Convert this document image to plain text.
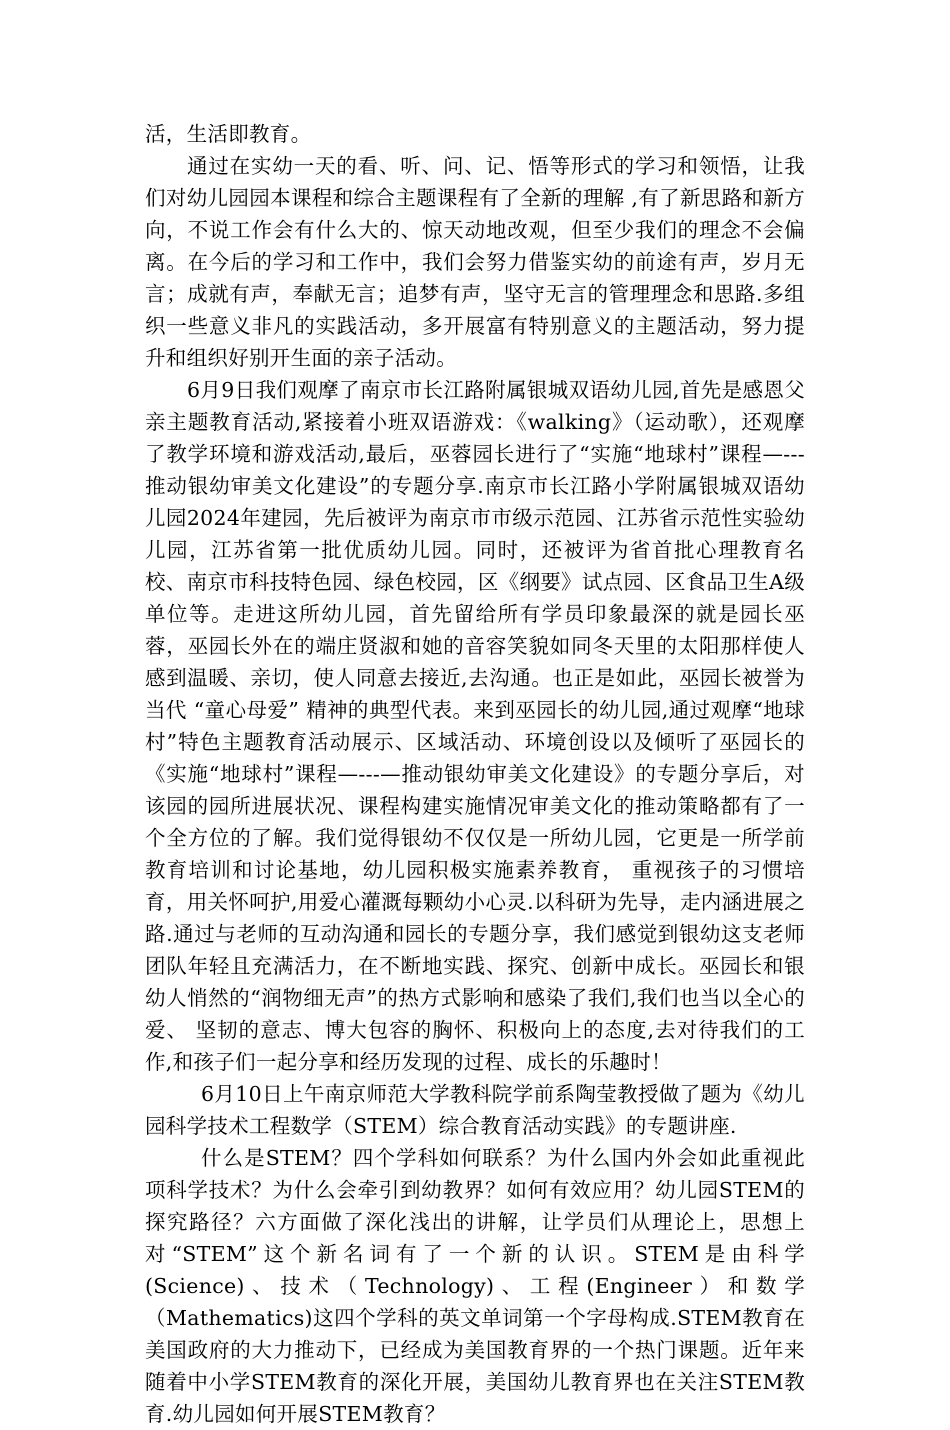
活，生活即教育。

通过在实幼一天的看、听、问、记、悟等形式的学习和领悟，让我们对幼儿园园本课程和综合主题课程有了全新的理解 ,有了新思路和新方向，不说工作会有什么大的、惊天动地改观，但至少我们的理念不会偏离。在今后的学习和工作中，我们会努力借鉴实幼的前途有声，岁月无言；成就有声，奉献无言；追梦有声，坚守无言的管理理念和思路.多组织一些意义非凡的实践活动，多开展富有特别意义的主题活动，努力提升和组织好别开生面的亲子活动。

6月9日我们观摩了南京市长江路附属银城双语幼儿园,首先是感恩父亲主题教育活动,紧接着小班双语游戏：《walking》（运动歌），还观摩了教学环境和游戏活动,最后，巫蓉园长进行了“实施“地球村”课程—---推动银幼审美文化建设”的专题分享.南京市长江路小学附属银城双语幼儿园2024年建园，先后被评为南京市市级示范园、江苏省示范性实验幼儿园，江苏省第一批优质幼儿园。同时，还被评为省首批心理教育名校、南京市科技特色园、绿色校园，区《纲要》试点园、区食品卫生A级单位等。走进这所幼儿园，首先留给所有学员印象最深的就是园长巫蓉，巫园长外在的端庄贤淑和她的音容笑貌如同冬天里的太阳那样使人感到温暖、亲切，使人同意去接近,去沟通。也正是如此，巫园长被誉为当代 “童心母爱” 精神的典型代表。来到巫园长的幼儿园,通过观摩“地球村”特色主题教育活动展示、区域活动、环境创设以及倾听了巫园长的《实施“地球村”课程—---—推动银幼审美文化建设》的专题分享后，对该园的园所进展状况、课程构建实施情况审美文化的推动策略都有了一个全方位的了解。我们觉得银幼不仅仅是一所幼儿园，它更是一所学前教育培训和讨论基地，幼儿园积极实施素养教育， 重视孩子的习惯培育，用关怀呵护,用爱心灌溉每颗幼小心灵.以科研为先导，走内涵进展之路.通过与老师的互动沟通和园长的专题分享，我们感觉到银幼这支老师团队年轻且充满活力，在不断地实践、探究、创新中成长。巫园长和银幼人悄然的“润物细无声”的热方式影响和感染了我们,我们也当以全心的爱、 坚韧的意志、博大包容的胸怀、积极向上的态度,去对待我们的工作,和孩子们一起分享和经历发现的过程、成长的乐趣时！

6月10日上午南京师范大学教科院学前系陶莹教授做了题为《幼儿园科学技术工程数学（STEM）综合教育活动实践》的专题讲座.

什么是STEM？四个学科如何联系？为什么国内外会如此重视此项科学技术？为什么会牵引到幼教界？如何有效应用？幼儿园STEM的探究路径？六方面做了深化浅出的讲解，让学员们从理论上，思想上对“STEM”这个新名词有了一个新的认识。STEM是由科学(Science)、技术（Technology)、工程(Engineer）和数学（Mathematics)这四个学科的英文单词第一个字母构成.STEM教育在美国政府的大力推动下，已经成为美国教育界的一个热门课题。近年来随着中小学STEM教育的深化开展，美国幼儿教育界也在关注STEM教育.幼儿园如何开展STEM教育？
